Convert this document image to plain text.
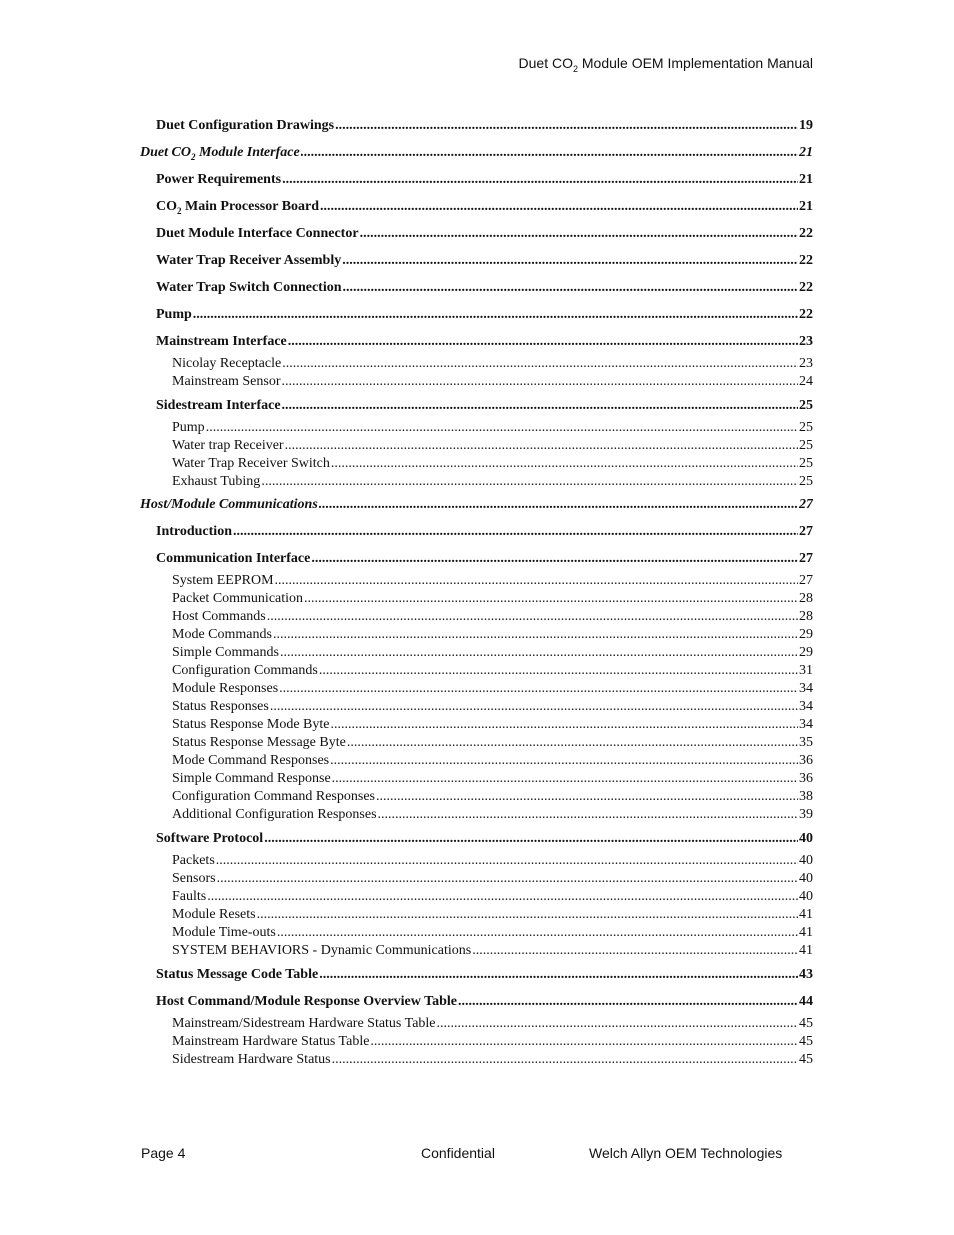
Duet $CO_2$ Module OEM Implementation Manual
Duet Configuration Drawings .....	19
Duet $CO_2$ Module Interface .....	21
Power Requirements .....	21
$CO_2$ Main Processor Board .....	21
Duet Module Interface Connector .....	22
Water Trap Receiver Assembly .....	22
Water Trap Switch Connection .....	22
Pump .....	22
Mainstream Interface .....	23
Nicolay Receptacle .....	23
Mainstream Sensor .....	24
Sidestream Interface .....	25
Pump .....	25
Water trap Receiver .....	25
Water Trap Receiver Switch .....	25
Exhaust Tubing .....	25
Host/Module Communications .....	27
Introduction .....	27
Communication Interface .....	27
System EEPROM .....	27
Packet Communication .....	28
Host Commands .....	28
Mode Commands .....	29
Simple Commands .....	29
Configuration Commands .....	31
Module Responses .....	34
Status Responses .....	34
Status Response Mode Byte .....	34
Status Response Message Byte .....	35
Mode Command Responses .....	36
Simple Command Response .....	36
Configuration Command Responses .....	38
Additional Configuration Responses .....	39
Software Protocol .....	40
Packets .....	40
Sensors .....	40
Faults .....	40
Module Resets .....	41
Module Time-outs .....	41
SYSTEM BEHAVIORS - Dynamic Communications .....	41
Status Message Code Table .....	43
Host Command/Module Response Overview Table .....	44
Mainstream/Sidestream Hardware Status Table .....	45
Mainstream Hardware Status Table .....	45
Sidestream Hardware Status .....	45
Page 4	Confidential	Welch Allyn OEM Technologies
